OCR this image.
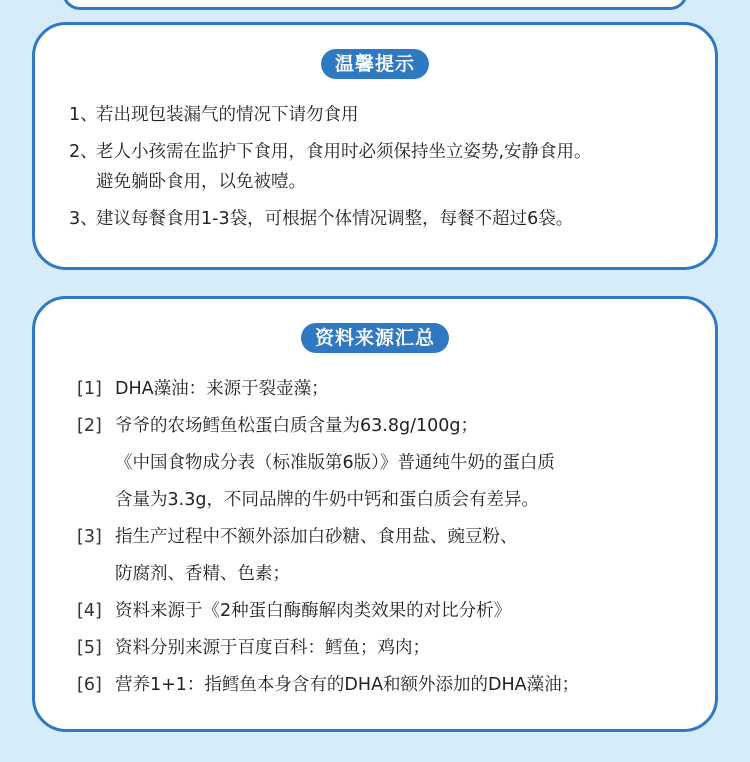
温馨提示
1、
若出现包装漏气的情况下请勿食用
2、
老人小孩需在监护下食用，食用时必须保持坐立姿势,安静食用。
避免躺卧食用，以免被噎。
3、
建议每餐食用1-3袋，可根据个体情况调整，每餐不超过6袋。
资料来源汇总
[1] DHA藻油：来源于裂壶藻；
[2] 爷爷的农场鳕鱼松蛋白质含量为63.8g/100g；
《中国食物成分表（标准版第6版）》普通纯牛奶的蛋白质
含量为3.3g，不同品牌的牛奶中钙和蛋白质会有差异。
[3] 指生产过程中不额外添加白砂糖、食用盐、豌豆粉、
防腐剂、香精、色素；
[4] 资料来源于《2种蛋白酶酶解肉类效果的对比分析》
[5] 资料分别来源于百度百科：鳕鱼；鸡肉；
[6] 营养1+1：指鳕鱼本身含有的DHA和额外添加的DHA藻油；
